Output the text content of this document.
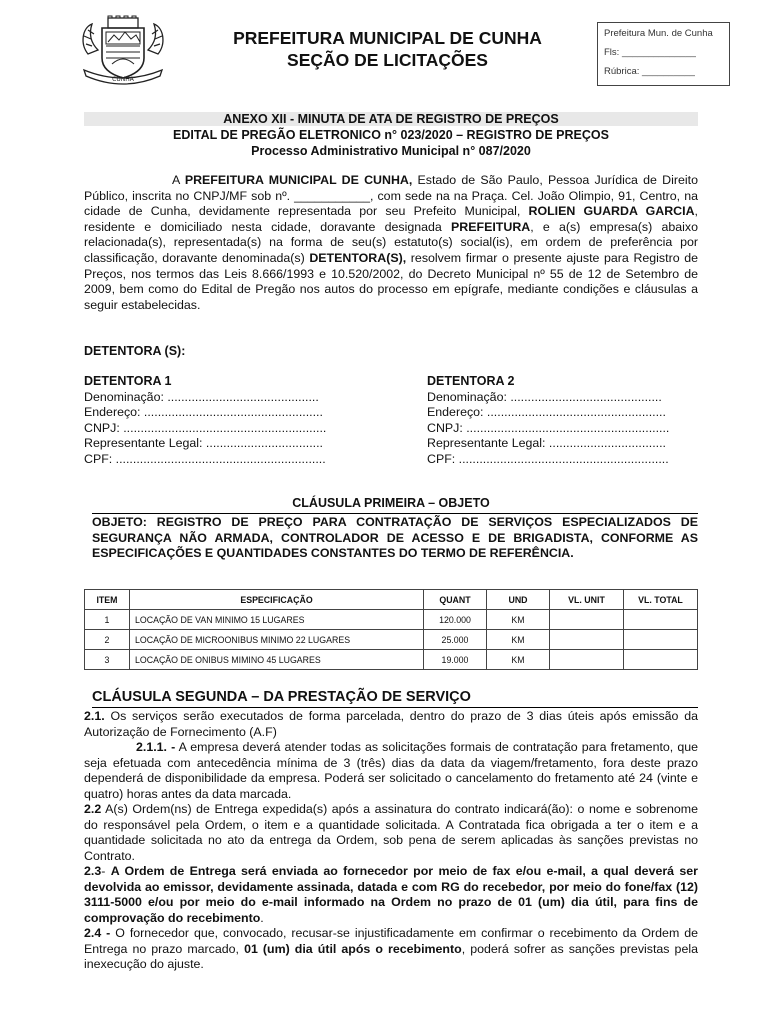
CUNHA
PREFEITURA MUNICIPAL DE CUNHA
SEÇÃO DE LICITAÇÕES
Prefeitura Mun. de Cunha
Fls: ______________
Rúbrica: __________
ANEXO XII - MINUTA DE ATA DE REGISTRO DE PREÇOS
EDITAL DE PREGÃO ELETRONICO n° 023/2020 – REGISTRO DE PREÇOS
Processo Administrativo Municipal n° 087/2020
A PREFEITURA MUNICIPAL DE CUNHA, Estado de São Paulo, Pessoa Jurídica de Direito Público, inscrita no CNPJ/MF sob nº. ___________, com sede na na Praça. Cel. João Olimpio, 91, Centro, na cidade de Cunha, devidamente representada por seu Prefeito Municipal, ROLIEN GUARDA GARCIA, residente e domiciliado nesta cidade, doravante designada PREFEITURA, e a(s) empresa(s) abaixo relacionada(s), representada(s) na forma de seu(s) estatuto(s) social(is), em ordem de preferência por classificação, doravante denominada(s) DETENTORA(S), resolvem firmar o presente ajuste para Registro de Preços, nos termos das Leis 8.666/1993 e 10.520/2002, do Decreto Municipal nº 55 de 12 de Setembro de 2009, bem como do Edital de Pregão nos autos do processo em epígrafe, mediante condições e cláusulas a seguir estabelecidas.
DETENTORA (S):
DETENTORA 1
Denominação: ............................................
Endereço: ....................................................
CNPJ: ...........................................................
Representante Legal: ..................................
CPF: .............................................................
DETENTORA 2
Denominação: ............................................
Endereço: ....................................................
CNPJ: ...........................................................
Representante Legal: ..................................
CPF: .............................................................
CLÁUSULA PRIMEIRA – OBJETO
OBJETO: REGISTRO DE PREÇO PARA CONTRATAÇÃO DE SERVIÇOS ESPECIALIZADOS DE SEGURANÇA NÃO ARMADA, CONTROLADOR DE ACESSO E DE BRIGADISTA, CONFORME AS ESPECIFICAÇÕES E QUANTIDADES CONSTANTES DO TERMO DE REFERÊNCIA.
ITEM	ESPECIFICAÇÃO	QUANT	UND	VL. UNIT	VL. TOTAL
1	LOCAÇÃO DE VAN MINIMO 15 LUGARES	120.000	KM		
2	LOCAÇÃO DE MICROONIBUS MINIMO 22 LUGARES	25.000	KM		
3	LOCAÇÃO DE ONIBUS MIMINO 45 LUGARES	19.000	KM		
CLÁUSULA SEGUNDA – DA PRESTAÇÃO DE SERVIÇO
2.1. Os serviços serão executados de forma parcelada, dentro do prazo de 3 dias úteis após emissão da Autorização de Fornecimento (A.F)
2.1.1. - A empresa deverá atender todas as solicitações formais de contratação para fretamento, que seja efetuada com antecedência mínima de 3 (três) dias da data da viagem/fretamento, fora deste prazo dependerá de disponibilidade da empresa. Poderá ser solicitado o cancelamento do fretamento até 24 (vinte e quatro) horas antes da data marcada.
2.2 A(s) Ordem(ns) de Entrega expedida(s) após a assinatura do contrato indicará(ão): o nome e sobrenome do responsável pela Ordem, o item e a quantidade solicitada. A Contratada fica obrigada a ter o item e a quantidade solicitada no ato da entrega da Ordem, sob pena de serem aplicadas às sanções previstas no Contrato.
2.3- A Ordem de Entrega será enviada ao fornecedor por meio de fax e/ou e-mail, a qual deverá ser devolvida ao emissor, devidamente assinada, datada e com RG do recebedor, por meio do fone/fax (12) 3111-5000 e/ou por meio do e-mail informado na Ordem no prazo de 01 (um) dia útil, para fins de comprovação do recebimento.
2.4 - O fornecedor que, convocado, recusar-se injustificadamente em confirmar o recebimento da Ordem de Entrega no prazo marcado, 01 (um) dia útil após o recebimento, poderá sofrer as sanções previstas pela inexecução do ajuste.
